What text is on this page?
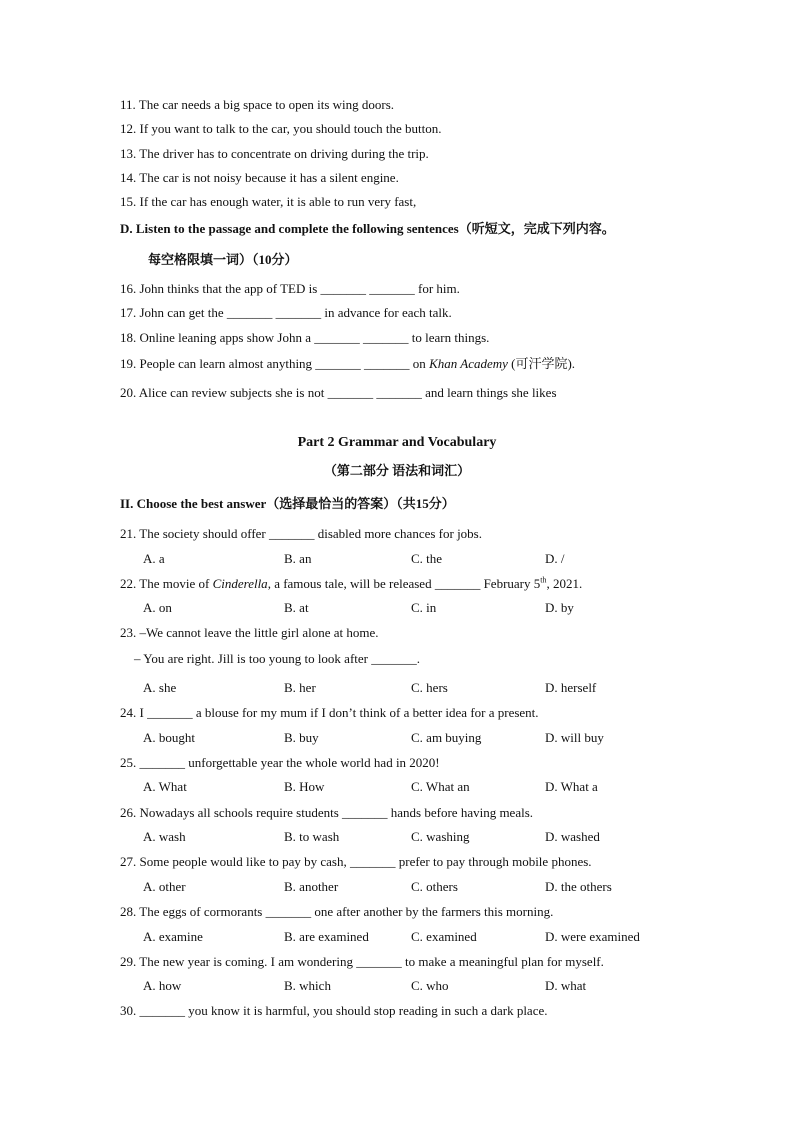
11. The car needs a big space to open its wing doors.
12. If you want to talk to the car, you should touch the button.
13. The driver has to concentrate on driving during the trip.
14. The car is not noisy because it has a silent engine.
15. If the car has enough water, it is able to run very fast,
D. Listen to the passage and complete the following sentences（听短文，完成下列内容。
每空格限填一词）（10分）
16. John thinks that the app of TED is _______ _______ for him.
17. John can get the _______ _______ in advance for each talk.
18. Online leaning apps show John a _______ _______ to learn things.
19. People can learn almost anything _______ _______ on Khan Academy (可汗学院).
20. Alice can review subjects she is not _______ _______ and learn things she likes
Part 2 Grammar and Vocabulary
（第二部分 语法和词汇）
II. Choose the best answer（选择最恰当的答案）（共15分）
21. The society should offer _______ disabled more chances for jobs.
A. a	B. an	C. the	D. /
22. The movie of Cinderella, a famous tale, will be released _______ February 5th, 2021.
A. on	B. at	C. in	D. by
23. –We cannot leave the little girl alone at home.
– You are right. Jill is too young to look after _______.
A. she	B. her	C. hers	D. herself
24. I _______ a blouse for my mum if I don’t think of a better idea for a present.
A. bought	B. buy	C. am buying	D. will buy
25. _______ unforgettable year the whole world had in 2020!
A. What	B. How	C. What an	D. What a
26. Nowadays all schools require students _______ hands before having meals.
A. wash	B. to wash	C. washing	D. washed
27. Some people would like to pay by cash, _______ prefer to pay through mobile phones.
A. other	B. another	C. others	D. the others
28. The eggs of cormorants _______ one after another by the farmers this morning.
A. examine	B. are examined	C. examined	D. were examined
29. The new year is coming. I am wondering _______ to make a meaningful plan for myself.
A. how	B. which	C. who	D. what
30. _______ you know it is harmful, you should stop reading in such a dark place.
